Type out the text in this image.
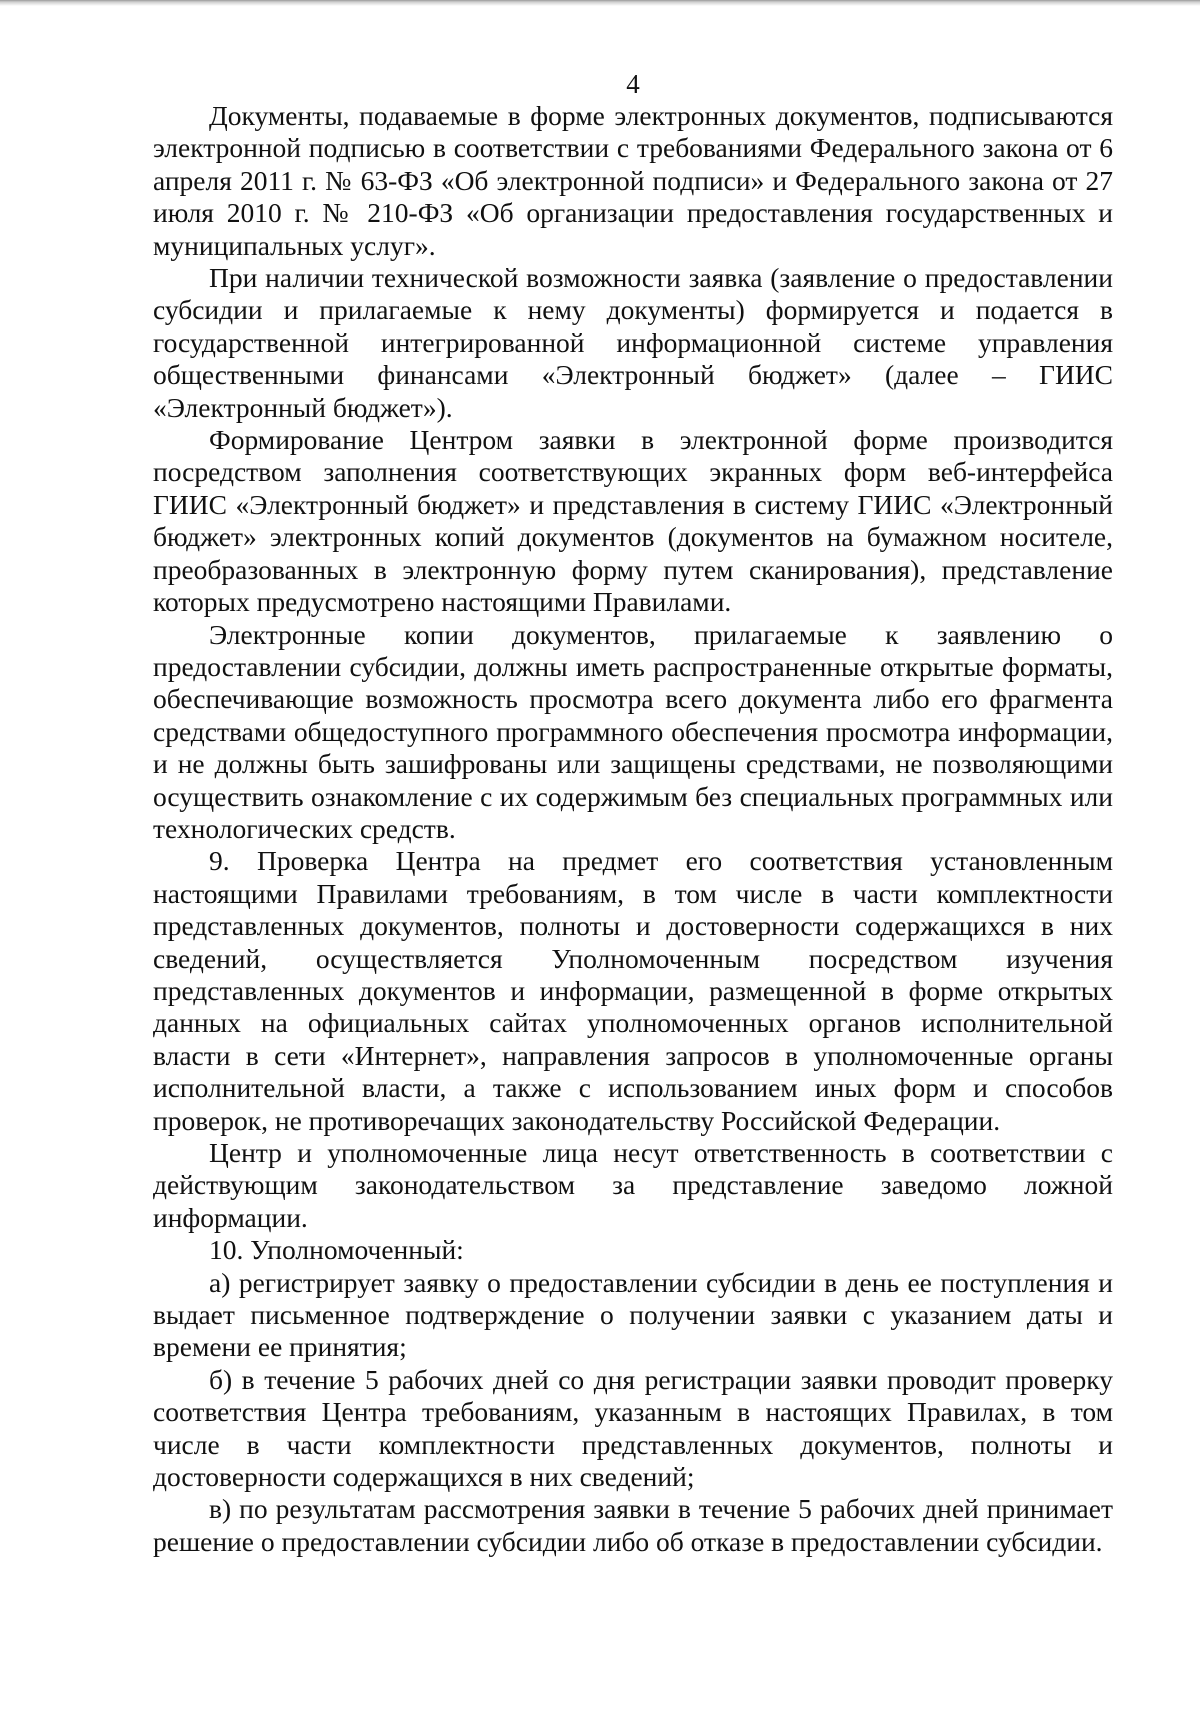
4

Документы, подаваемые в форме электронных документов, подписываются электронной подписью в соответствии с требованиями Федерального закона от 6 апреля 2011 г. № 63-ФЗ «Об электронной подписи» и Федерального закона от 27 июля 2010 г. № 210-ФЗ «Об организации предоставления государственных и муниципальных услуг».

При наличии технической возможности заявка (заявление о предоставлении субсидии и прилагаемые к нему документы) формируется и подается в государственной интегрированной информационной системе управления общественными финансами «Электронный бюджет» (далее – ГИИС «Электронный бюджет»).

Формирование Центром заявки в электронной форме производится посредством заполнения соответствующих экранных форм веб-интерфейса ГИИС «Электронный бюджет» и представления в систему ГИИС «Электронный бюджет» электронных копий документов (документов на бумажном носителе, преобразованных в электронную форму путем сканирования), представление которых предусмотрено настоящими Правилами.

Электронные копии документов, прилагаемые к заявлению о предоставлении субсидии, должны иметь распространенные открытые форматы, обеспечивающие возможность просмотра всего документа либо его фрагмента средствами общедоступного программного обеспечения просмотра информации, и не должны быть зашифрованы или защищены средствами, не позволяющими осуществить ознакомление с их содержимым без специальных программных или технологических средств.

9. Проверка Центра на предмет его соответствия установленным настоящими Правилами требованиям, в том числе в части комплектности представленных документов, полноты и достоверности содержащихся в них сведений, осуществляется Уполномоченным посредством изучения представленных документов и информации, размещенной в форме открытых данных на официальных сайтах уполномоченных органов исполнительной власти в сети «Интернет», направления запросов в уполномоченные органы исполнительной власти, а также с использованием иных форм и способов проверок, не противоречащих законодательству Российской Федерации.

Центр и уполномоченные лица несут ответственность в соответствии с действующим законодательством за представление заведомо ложной информации.

10. Уполномоченный:

а) регистрирует заявку о предоставлении субсидии в день ее поступления и выдает письменное подтверждение о получении заявки с указанием даты и времени ее принятия;

б) в течение 5 рабочих дней со дня регистрации заявки проводит проверку соответствия Центра требованиям, указанным в настоящих Правилах, в том числе в части комплектности представленных документов, полноты и достоверности содержащихся в них сведений;

в) по результатам рассмотрения заявки в течение 5 рабочих дней принимает решение о предоставлении субсидии либо об отказе в предоставлении субсидии.
